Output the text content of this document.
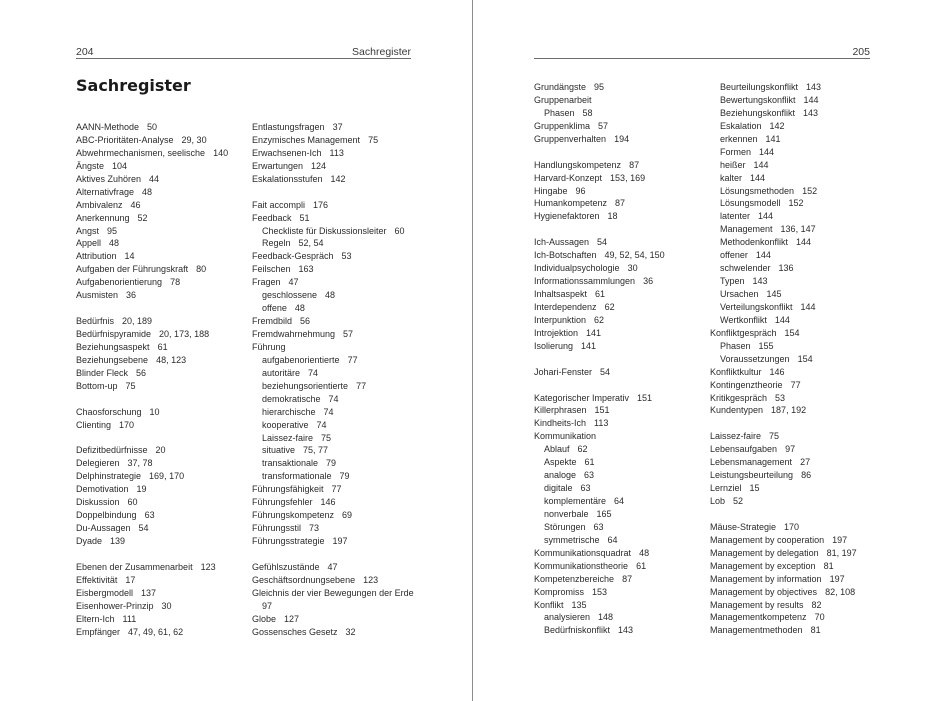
204	Sachregister
Sachregister
AANN-Methode 50
ABC-Prioritäten-Analyse 29, 30
Abwehrmechanismen, seelische 140
Ängste 104
Aktives Zuhören 44
Alternativfrage 48
Ambivalenz 46
Anerkennung 52
Angst 95
Appell 48
Attribution 14
Aufgaben der Führungskraft 80
Aufgabenorientierung 78
Ausmisten 36
Bedürfnis 20, 189
Bedürfnispyramide 20, 173, 188
Beziehungsaspekt 61
Beziehungsebene 48, 123
Blinder Fleck 56
Bottom-up 75
Chaosforschung 10
Clienting 170
Defizitbedürfnisse 20
Delegieren 37, 78
Delphinstrategie 169, 170
Demotivation 19
Diskussion 60
Doppelbindung 63
Du-Aussagen 54
Dyade 139
Ebenen der Zusammenarbeit 123
Effektivität 17
Eisbergmodell 137
Eisenhower-Prinzip 30
Eltern-Ich 111
Empfänger 47, 49, 61, 62
Entlastungsfragen 37
Enzymisches Management 75
Erwachsenen-Ich 113
Erwartungen 124
Eskalationsstufen 142
Fait accompli 176
Feedback 51
Checkliste für Diskussionsleiter 60
Regeln 52, 54
Feedback-Gespräch 53
Feilschen 163
Fragen 47
geschlossene 48
offene 48
Fremdbild 56
Fremdwahrnehmung 57
Führung
aufgabenorientierte 77
autoritäre 74
beziehungsorientierte 77
demokratische 74
hierarchische 74
kooperative 74
Laissez-faire 75
situative 75, 77
transaktionale 79
transformationale 79
Führungsfähigkeit 77
Führungsfehler 146
Führungskompetenz 69
Führungsstil 73
Führungsstrategie 197
Gefühlszustände 47
Geschäftsordnungsebene 123
Gleichnis der vier Bewegungen der Erde
97
Globe 127
Gossensches Gesetz 32
205
Grundängste 95
Gruppenarbeit
Phasen 58
Gruppenklima 57
Gruppenverhalten 194
Handlungskompetenz 87
Harvard-Konzept 153, 169
Hingabe 96
Humankompetenz 87
Hygienefaktoren 18
Ich-Aussagen 54
Ich-Botschaften 49, 52, 54, 150
Individualpsychologie 30
Informationssammlungen 36
Inhaltsaspekt 61
Interdependenz 62
Interpunktion 62
Introjektion 141
Isolierung 141
Johari-Fenster 54
Kategorischer Imperativ 151
Killerphrasen 151
Kindheits-Ich 113
Kommunikation
Ablauf 62
Aspekte 61
analoge 63
digitale 63
komplementäre 64
nonverbale 165
Störungen 63
symmetrische 64
Kommunikationsquadrat 48
Kommunikationstheorie 61
Kompetenzbereiche 87
Kompromiss 153
Konflikt 135
analysieren 148
Bedürfniskonflikt 143
Beurteilungskonflikt 143
Bewertungskonflikt 144
Beziehungskonflikt 143
Eskalation 142
erkennen 141
Formen 144
heißer 144
kalter 144
Lösungsmethoden 152
Lösungsmodell 152
latenter 144
Management 136, 147
Methodenkonflikt 144
offener 144
schwelender 136
Typen 143
Ursachen 145
Verteilungskonflikt 144
Wertkonflikt 144
Konfliktgespräch 154
Phasen 155
Voraussetzungen 154
Konfliktkultur 146
Kontingenztheorie 77
Kritikgespräch 53
Kundentypen 187, 192
Laissez-faire 75
Lebensaufgaben 97
Lebensmanagement 27
Leistungsbeurteilung 86
Lernziel 15
Lob 52
Mäuse-Strategie 170
Management by cooperation 197
Management by delegation 81, 197
Management by exception 81
Management by information 197
Management by objectives 82, 108
Management by results 82
Managementkompetenz 70
Managementmethoden 81
